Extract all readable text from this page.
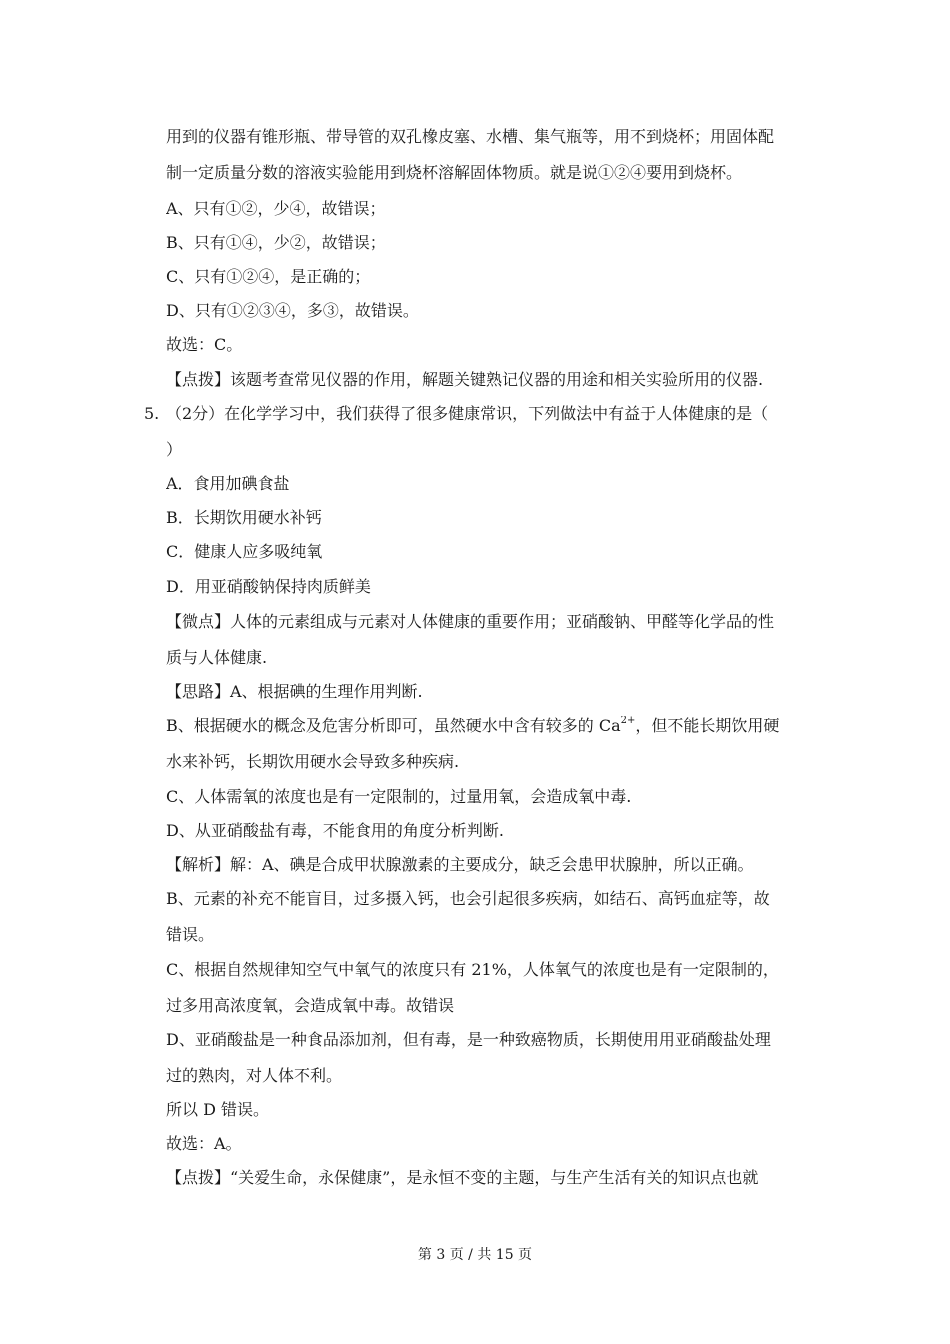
用到的仪器有锥形瓶、带导管的双孔橡皮塞、水槽、集气瓶等，用不到烧杯；用固体配
制一定质量分数的溶液实验能用到烧杯溶解固体物质。就是说①②④要用到烧杯。
A、只有①②，少④，故错误；
B、只有①④，少②，故错误；
C、只有①②④，是正确的；
D、只有①②③④，多③，故错误。
故选：C。
【点拨】该题考查常见仪器的作用，解题关键熟记仪器的用途和相关实验所用的仪器.
5. （2分）在化学学习中，我们获得了很多健康常识，下列做法中有益于人体健康的是（
）
A．食用加碘食盐
B．长期饮用硬水补钙
C．健康人应多吸纯氧
D．用亚硝酸钠保持肉质鲜美
【微点】人体的元素组成与元素对人体健康的重要作用；亚硝酸钠、甲醛等化学品的性
质与人体健康.
【思路】A、根据碘的生理作用判断.
B、根据硬水的概念及危害分析即可，虽然硬水中含有较多的 $Ca^{2+}$，但不能长期饮用硬
水来补钙，长期饮用硬水会导致多种疾病.
C、人体需氧的浓度也是有一定限制的，过量用氧，会造成氧中毒.
D、从亚硝酸盐有毒，不能食用的角度分析判断.
【解析】解：A、碘是合成甲状腺激素的主要成分，缺乏会患甲状腺肿，所以正确。
B、元素的补充不能盲目，过多摄入钙，也会引起很多疾病，如结石、高钙血症等，故
错误。
C、根据自然规律知空气中氧气的浓度只有 21%，人体氧气的浓度也是有一定限制的，
过多用高浓度氧，会造成氧中毒。故错误
D、亚硝酸盐是一种食品添加剂，但有毒，是一种致癌物质，长期使用用亚硝酸盐处理
过的熟肉，对人体不利。
所以 D 错误。
故选：A。
【点拨】“关爱生命，永保健康”，是永恒不变的主题，与生产生活有关的知识点也就
第 3 页 / 共 15 页
